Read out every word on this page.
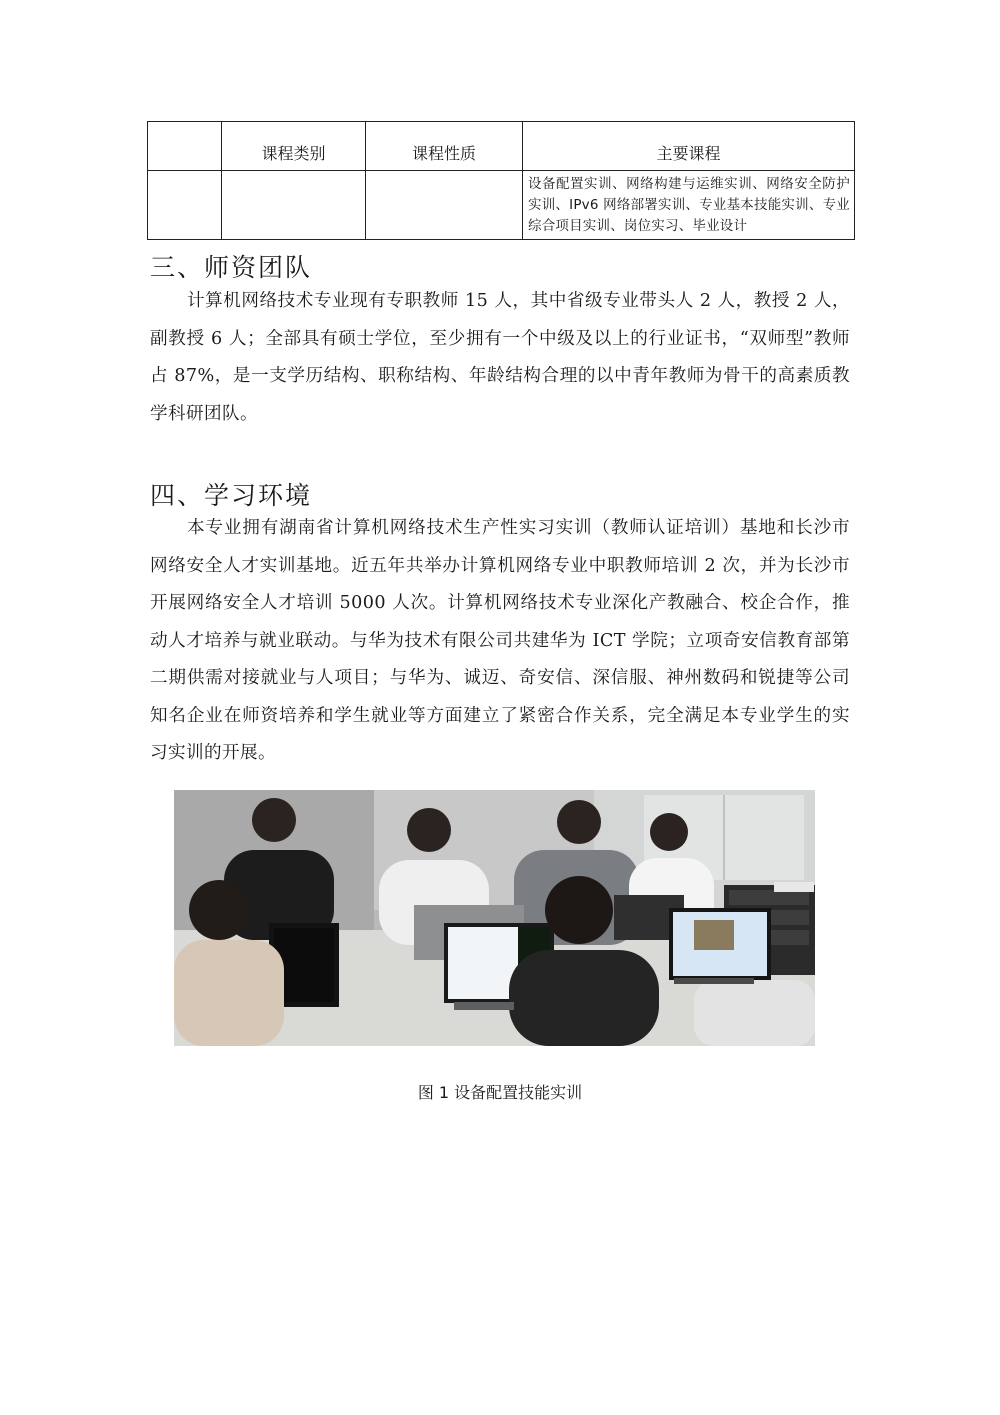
	课程类别	课程性质	主要课程
			设备配置实训、网络构建与运维实训、网络安全防护实训、IPv6 网络部署实训、专业基本技能实训、专业综合项目实训、岗位实习、毕业设计
三、师资团队

计算机网络技术专业现有专职教师 15 人，其中省级专业带头人 2 人，教授 2 人，副教授 6 人；全部具有硕士学位，至少拥有一个中级及以上的行业证书，“双师型”教师占 87%，是一支学历结构、职称结构、年龄结构合理的以中青年教师为骨干的高素质教学科研团队。

四、学习环境

本专业拥有湖南省计算机网络技术生产性实习实训（教师认证培训）基地和长沙市网络安全人才实训基地。近五年共举办计算机网络专业中职教师培训 2 次，并为长沙市开展网络安全人才培训 5000 人次。计算机网络技术专业深化产教融合、校企合作，推动人才培养与就业联动。与华为技术有限公司共建华为 ICT 学院；立项奇安信教育部第二期供需对接就业与人项目；与华为、诚迈、奇安信、深信服、神州数码和锐捷等公司知名企业在师资培养和学生就业等方面建立了紧密合作关系，完全满足本专业学生的实习实训的开展。

图 1 设备配置技能实训
